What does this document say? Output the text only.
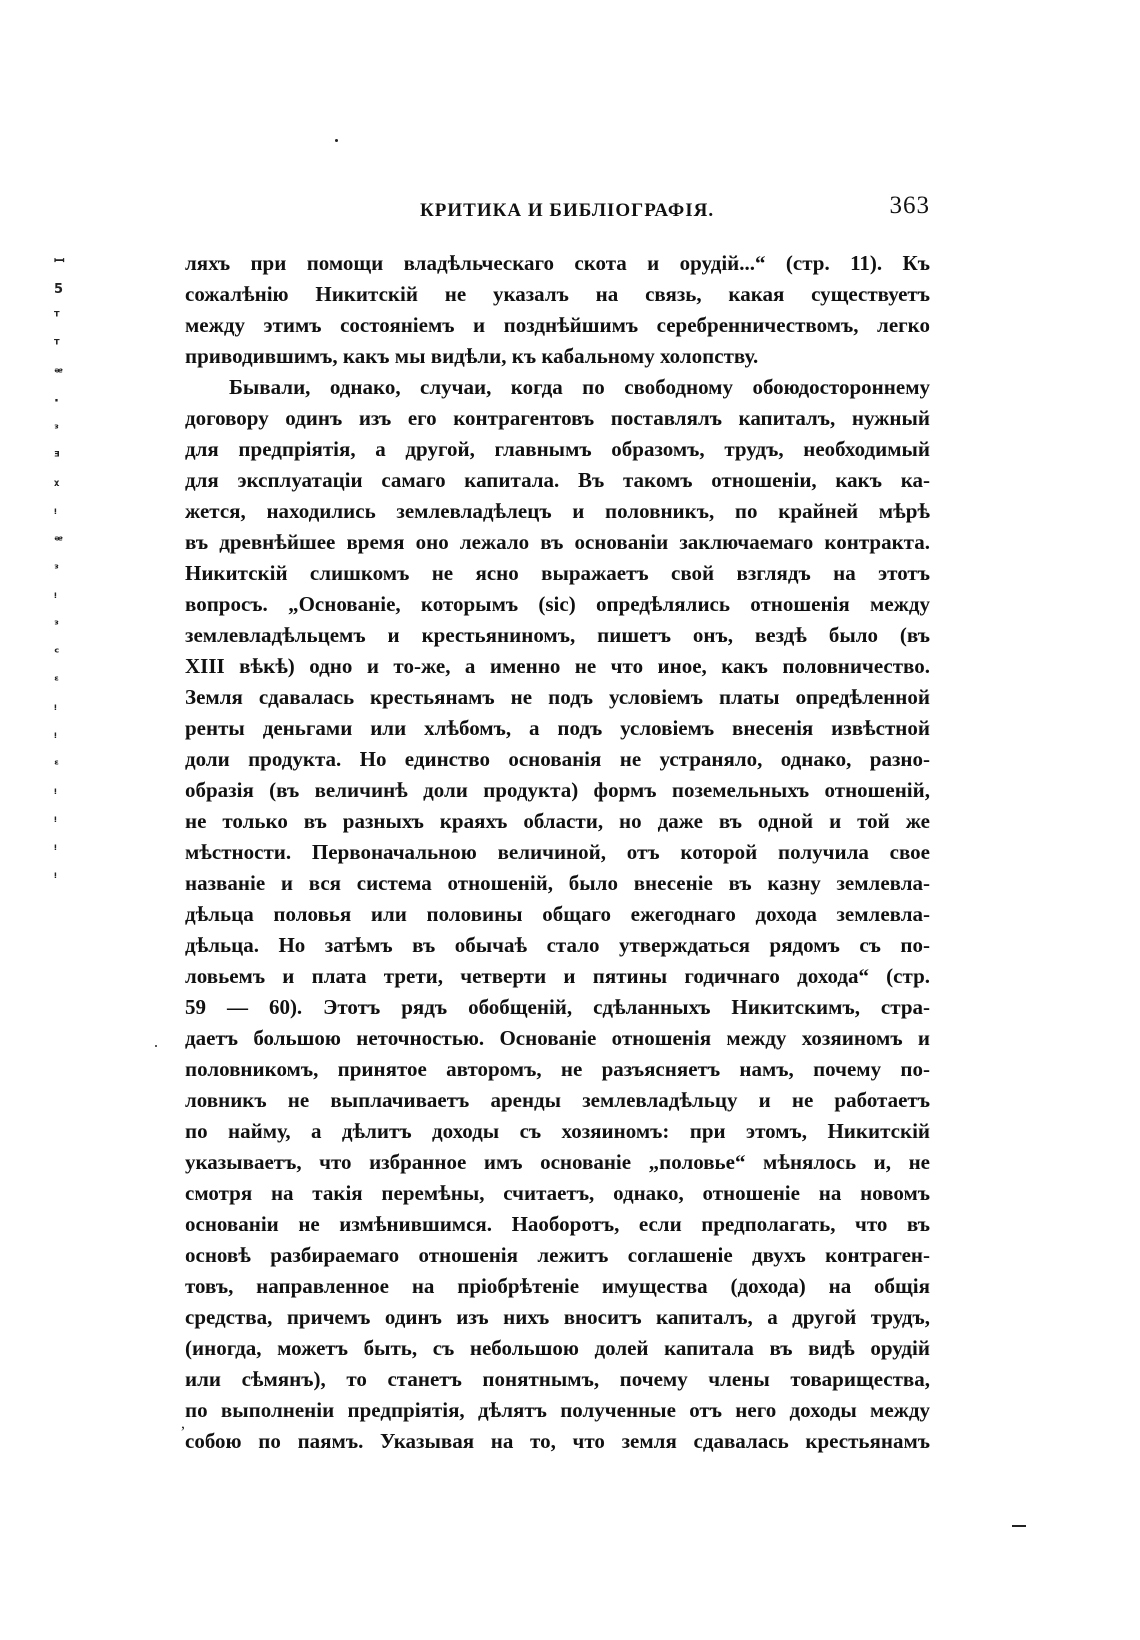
КРИТИКА И БИБЛІОГРАФІЯ.	363
ꟷ
5
ᵀ
ᵀ
ᵆ
·
ᵌ
ᴲ
ᵡ
ᵎ
ᵆ
ᵌ
ᵎ
ᵌ
ᶜ
ᵋ
ᵎ
ᵎ
ᵋ
ᵎ
ᵎ
ᵎ
ᵎ
ляхъ при помощи владѣльческаго скота и орудій...“ (стр. 11). Къ
сожалѣнію Никитскій не указалъ на связь, какая существуетъ
между этимъ состояніемъ и позднѣйшимъ серебренничествомъ, легко
приводившимъ, какъ мы видѣли, къ кабальному холопству.
Бывали, однако, случаи, когда по свободному обоюдостороннему
договору одинъ изъ его контрагентовъ поставлялъ капиталъ, нужный
для предпріятія, а другой, главнымъ образомъ, трудъ, необходимый
для эксплуатаціи самаго капитала. Въ такомъ отношеніи, какъ ка-
жется, находились землевладѣлецъ и половникъ, по крайней мѣрѣ
въ древнѣйшее время оно лежало въ основаніи заключаемаго контракта.
Никитскій слишкомъ не ясно выражаетъ свой взглядъ на этотъ
вопросъ. „Основаніе, которымъ (sic) опредѣлялись отношенія между
землевладѣльцемъ и крестьяниномъ, пишетъ онъ, вездѣ было (въ
XIII вѣкѣ) одно и то-же, а именно не что иное, какъ половничество.
Земля сдавалась крестьянамъ не подъ условіемъ платы опредѣленной
ренты деньгами или хлѣбомъ, а подъ условіемъ внесенія извѣстной
доли продукта. Но единство основанія не устраняло, однако, разно-
образія (въ величинѣ доли продукта) формъ поземельныхъ отношеній,
не только въ разныхъ краяхъ области, но даже въ одной и той же
мѣстности. Первоначальною величиной, отъ которой получила свое
названіе и вся система отношеній, было внесеніе въ казну землевла-
дѣльца половья или половины общаго ежегоднаго дохода землевла-
дѣльца. Но затѣмъ въ обычаѣ стало утверждаться рядомъ съ по-
ловьемъ и плата трети, четверти и пятины годичнаго дохода“ (стр.
59 — 60). Этотъ рядъ обобщеній, сдѣланныхъ Никитскимъ, стра-
даетъ большою неточностью. Основаніе отношенія между хозяиномъ и
половникомъ, принятое авторомъ, не разъясняетъ намъ, почему по-
ловникъ не выплачиваетъ аренды землевладѣльцу и не работаетъ
по найму, а дѣлитъ доходы съ хозяиномъ: при этомъ, Никитскій
указываетъ, что избранное имъ основаніе „половье“ мѣнялось и, не
смотря на такія перемѣны, считаетъ, однако, отношеніе на новомъ
основаніи не измѣнившимся. Наоборотъ, если предполагать, что въ
основѣ разбираемаго отношенія лежитъ соглашеніе двухъ контраген-
товъ, направленное на пріобрѣтеніе имущества (дохода) на общія
средства, причемъ одинъ изъ нихъ вноситъ капиталъ, а другой трудъ,
(иногда, можетъ быть, съ небольшою долей капитала въ видѣ орудій
или сѣмянъ), то станетъ понятнымъ, почему члены товарищества,
по выполненіи предпріятія, дѣлятъ полученные отъ него доходы между
собою по паямъ. Указывая на то, что земля сдавалась крестьянамъ
,
